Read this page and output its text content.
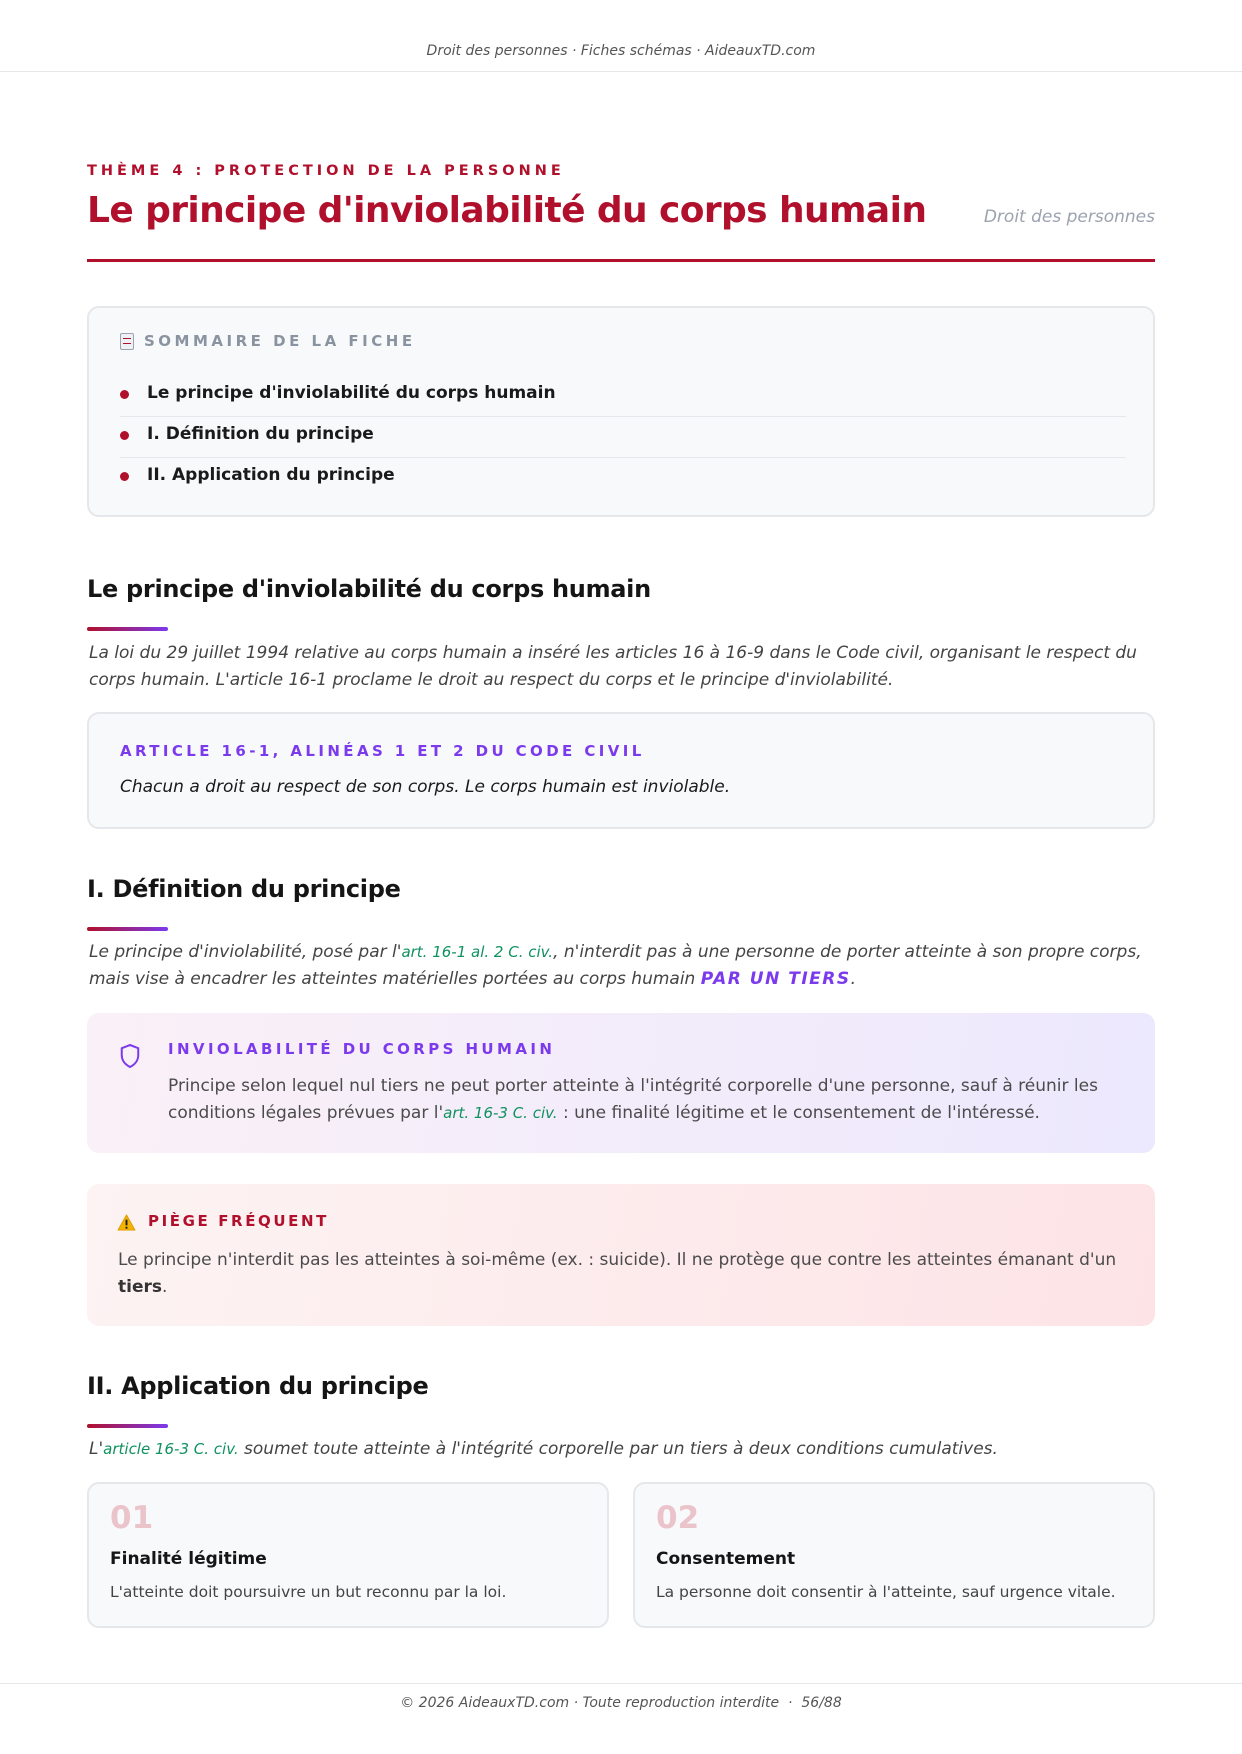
Droit des personnes · Fiches schémas · AideauxTD.com
THÈME 4 : PROTECTION DE LA PERSONNE
Le principe d'inviolabilité du corps humain	Droit des personnes
SOMMAIRE DE LA FICHE
Le principe d'inviolabilité du corps humain
I. Définition du principe
II. Application du principe
Le principe d'inviolabilité du corps humain

La loi du 29 juillet 1994 relative au corps humain a inséré les articles 16 à 16-9 dans le Code civil, organisant le respect du corps humain. L'article 16-1 proclame le droit au respect du corps et le principe d'inviolabilité.

ARTICLE 16-1, ALINÉAS 1 ET 2 DU CODE CIVIL
Chacun a droit au respect de son corps. Le corps humain est inviolable.
I. Définition du principe

Le principe d'inviolabilité, posé par l'art. 16-1 al. 2 C. civ., n'interdit pas à une personne de porter atteinte à son propre corps, mais vise à encadrer les atteintes matérielles portées au corps humain PAR UN TIERS.

INVIOLABILITÉ DU CORPS HUMAIN

Principe selon lequel nul tiers ne peut porter atteinte à l'intégrité corporelle d'une personne, sauf à réunir les conditions légales prévues par l'art. 16-3 C. civ. : une finalité légitime et le consentement de l'intéressé.

PIÈGE FRÉQUENT

Le principe n'interdit pas les atteintes à soi-même (ex. : suicide). Il ne protège que contre les atteintes émanant d'un tiers.

II. Application du principe

L'article 16-3 C. civ. soumet toute atteinte à l'intégrité corporelle par un tiers à deux conditions cumulatives.

01
Finalité légitime
L'atteinte doit poursuivre un but reconnu par la loi.
02
Consentement
La personne doit consentir à l'atteinte, sauf urgence vitale.
© 2026 AideauxTD.com · Toute reproduction interdite  ·  56/88
